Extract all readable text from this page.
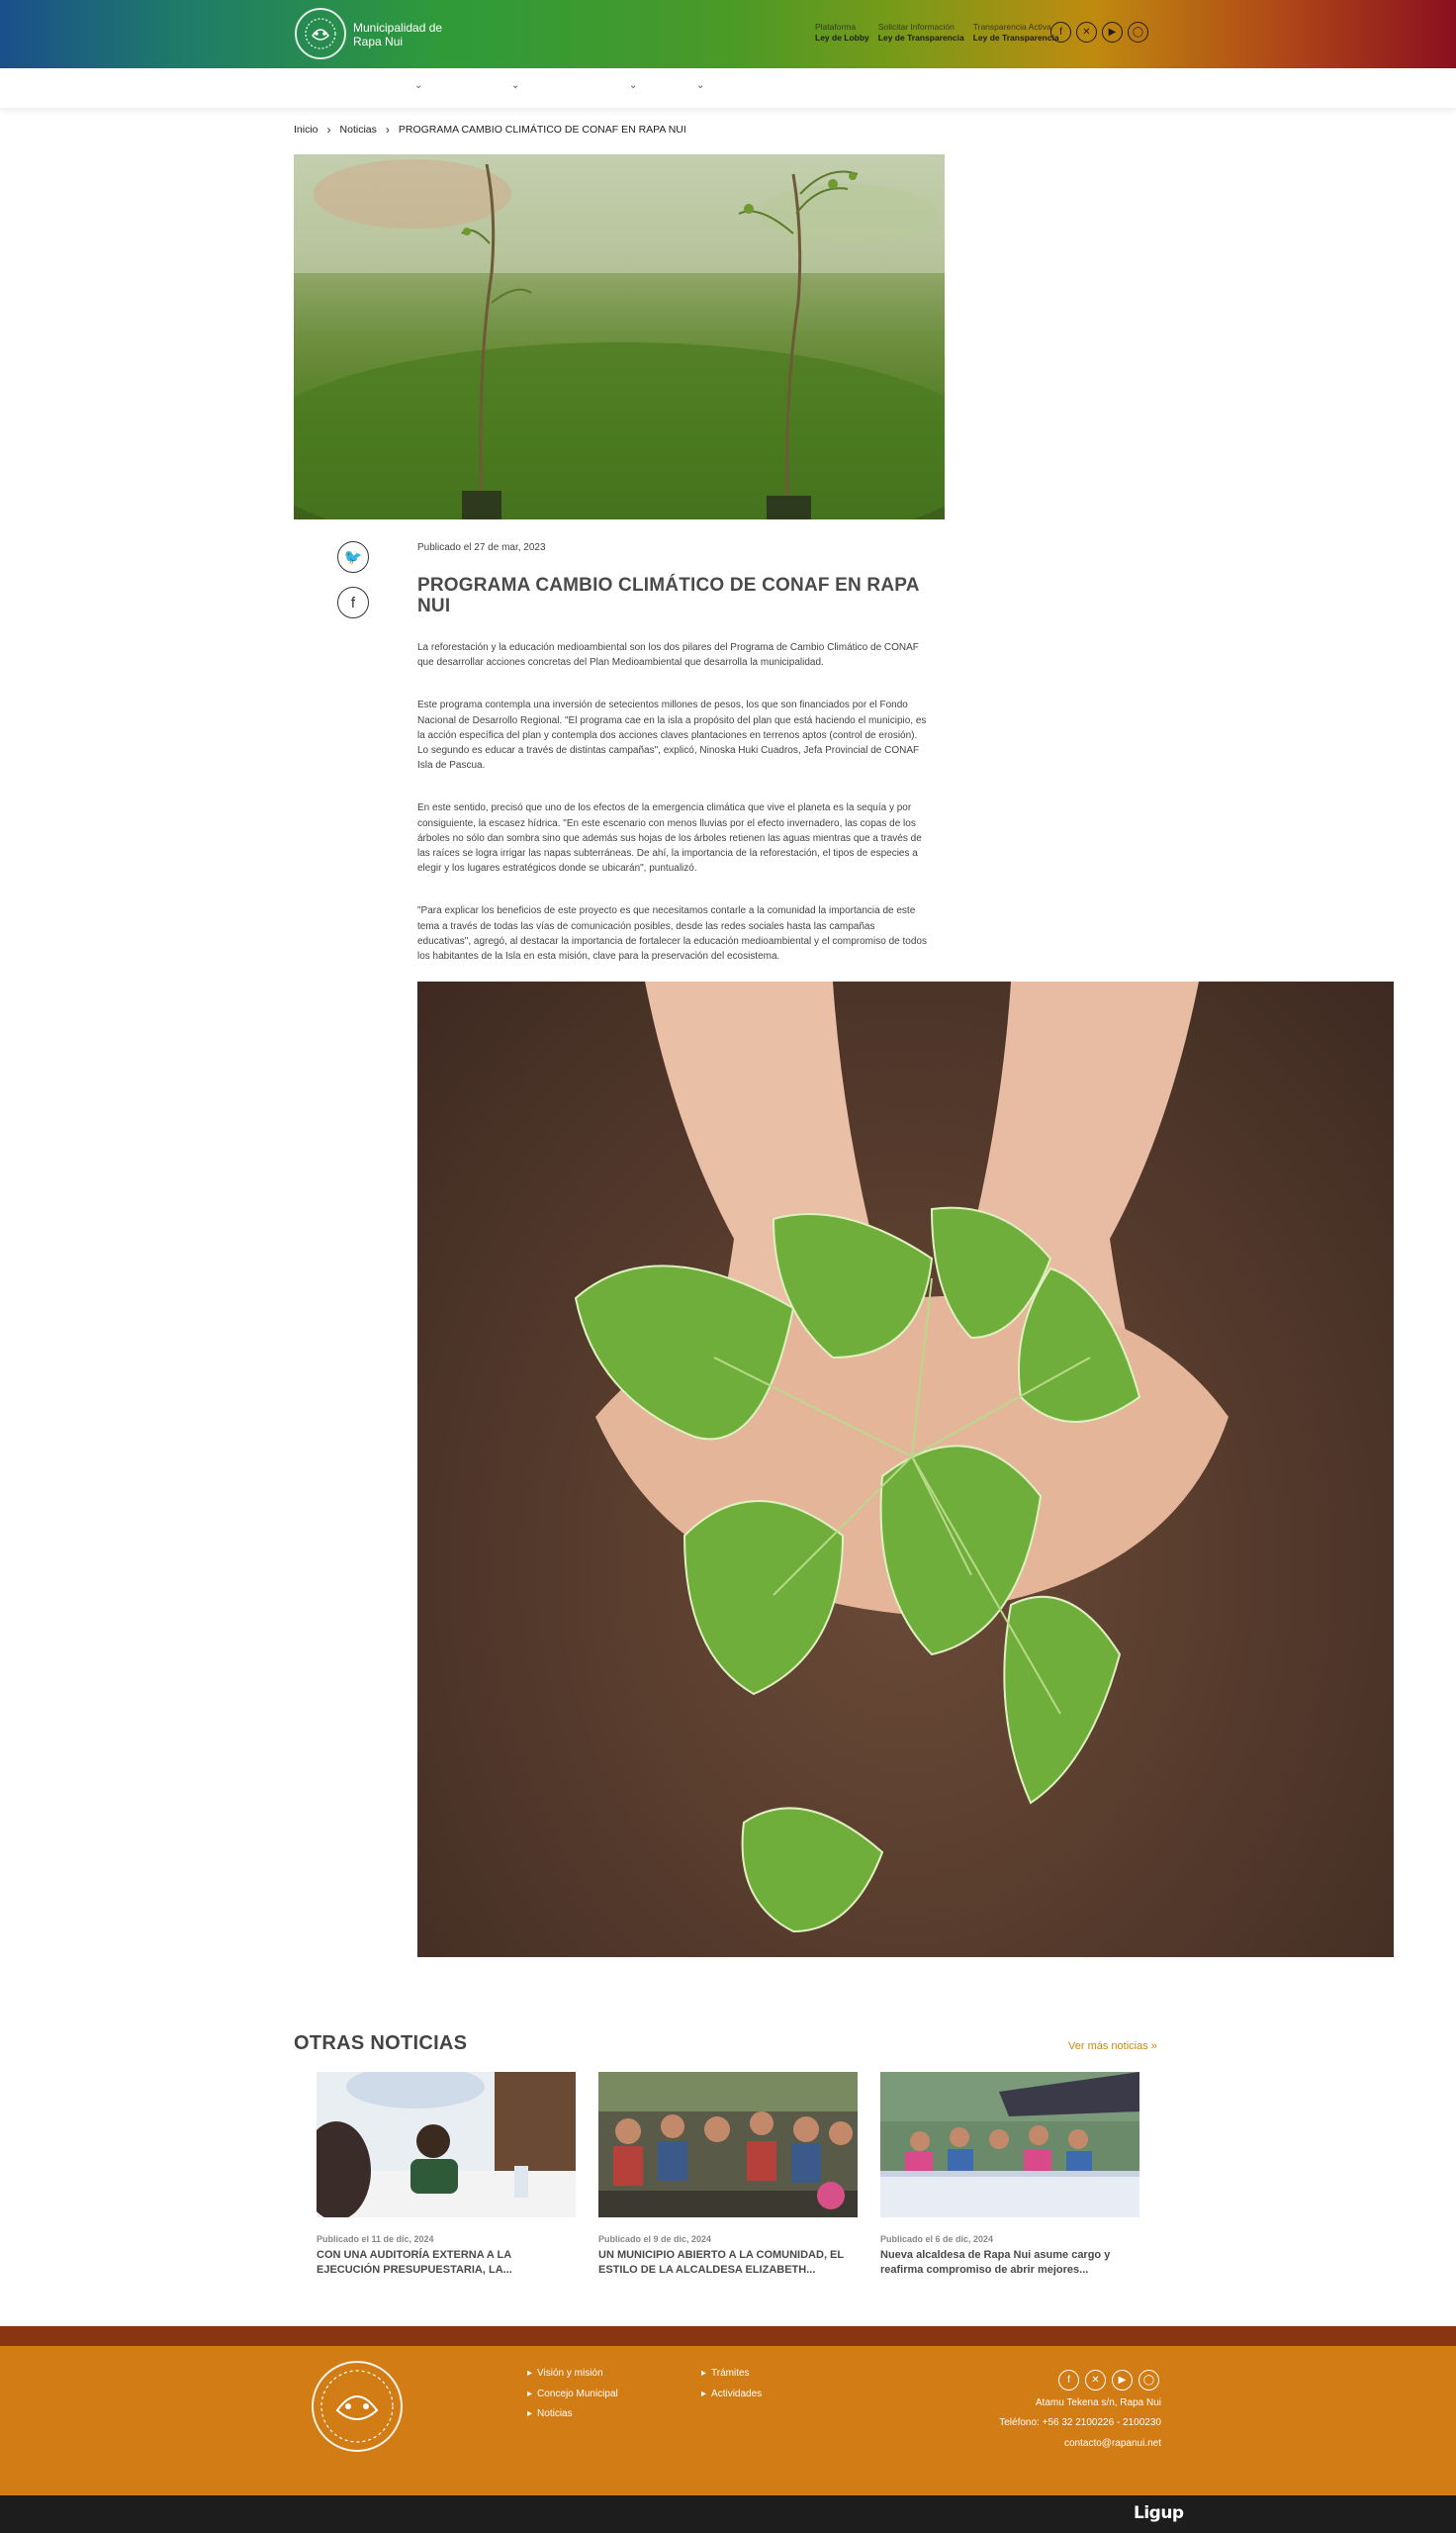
Municipalidad de
Rapa Nui
Plataforma
Ley de Lobby
Solicitar Información
Ley de Transparencia
Transparencia Activa
Ley de Transparencia f	✕	▶	◯
⌄	⌄	⌄	⌄
Inicio › Noticias › PROGRAMA CAMBIO CLIMÁTICO DE CONAF EN RAPA NUI
🐦
f
Publicado el 27 de mar, 2023
PROGRAMA CAMBIO CLIMÁTICO DE CONAF EN RAPA NUI

La reforestación y la educación medioambiental son los dos pilares del Programa de Cambio Climático de CONAF que desarrollar acciones concretas del Plan Medioambiental que desarrolla la municipalidad.

Este programa contempla una inversión de setecientos millones de pesos, los que son financiados por el Fondo Nacional de Desarrollo Regional. "El programa cae en la isla a propósito del plan que está haciendo el municipio, es la acción específica del plan y contempla dos acciones claves plantaciones en terrenos aptos (control de erosión). Lo segundo es educar a través de distintas campañas", explicó, Ninoska Huki Cuadros, Jefa Provincial de CONAF Isla de Pascua.

En este sentido, precisó que uno de los efectos de la emergencia climática que vive el planeta es la sequía y por consiguiente, la escasez hídrica. "En este escenario con menos lluvias por el efecto invernadero, las copas de los árboles no sólo dan sombra sino que además sus hojas de los árboles retienen las aguas mientras que a través de las raíces se logra irrigar las napas subterráneas. De ahí, la importancia de la reforestación, el tipos de especies a elegir y los lugares estratégicos donde se ubicarán", puntualizó.

"Para explicar los beneficios de este proyecto es que necesitamos contarle a la comunidad la importancia de este tema a través de todas las vías de comunicación posibles, desde las redes sociales hasta las campañas educativas", agregó, al destacar la importancia de fortalecer la educación medioambiental y el compromiso de todos los habitantes de la Isla en esta misión, clave para la preservación del ecosistema.

OTRAS NOTICIAS	Ver más noticias »
Publicado el 11 de dic, 2024
CON UNA AUDITORÍA EXTERNA A LA EJECUCIÓN PRESUPUESTARIA, LA...
Publicado el 9 de dic, 2024
UN MUNICIPIO ABIERTO A LA COMUNIDAD, EL ESTILO DE LA ALCALDESA ELIZABETH...
Publicado el 6 de dic, 2024
Nueva alcaldesa de Rapa Nui asume cargo y reafirma compromiso de abrir mejores...
▸ Visión y misión
▸ Concejo Municipal
▸ Noticias
▸ Trámites
▸ Actividades
f	✕	▶	◯
Atamu Tekena s/n, Rapa Nui
Teléfono: +56 32 2100226 - 2100230
contacto@rapanui.net
Ligup
